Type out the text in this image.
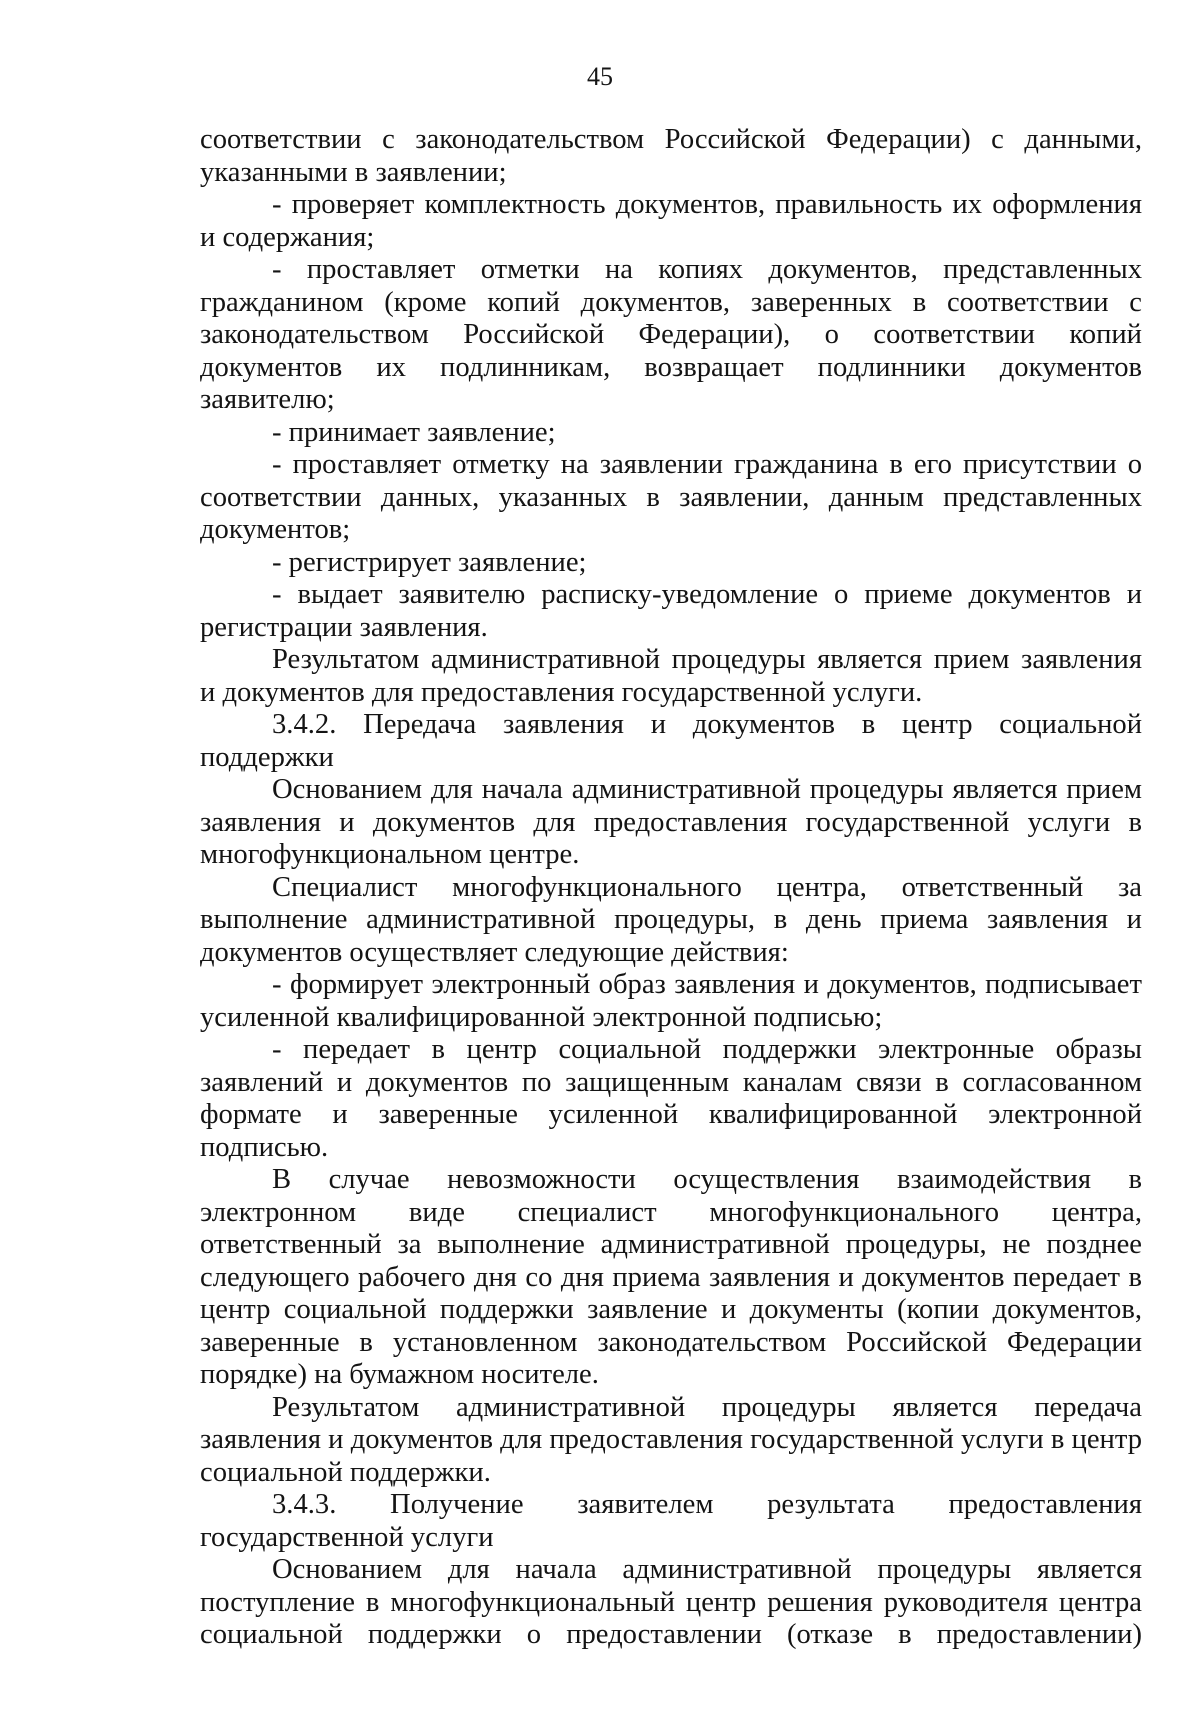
45

соответствии с законодательством Российской Федерации) с данными, указанными в заявлении;

- проверяет комплектность документов, правильность их оформления и содержания;

- проставляет отметки на копиях документов, представленных гражданином (кроме копий документов, заверенных в соответствии с законодательством Российской Федерации), о соответствии копий документов их подлинникам, возвращает подлинники документов заявителю;

- принимает заявление;

- проставляет отметку на заявлении гражданина в его присутствии о соответствии данных, указанных в заявлении, данным представленных документов;

- регистрирует заявление;

- выдает заявителю расписку-уведомление о приеме документов и регистрации заявления.

Результатом административной процедуры является прием заявления и документов для предоставления государственной услуги.

3.4.2. Передача заявления и документов в центр социальной поддержки

Основанием для начала административной процедуры является прием заявления и документов для предоставления государственной услуги в многофункциональном центре.

Специалист многофункционального центра, ответственный за выполнение административной процедуры, в день приема заявления и документов осуществляет следующие действия:

- формирует электронный образ заявления и документов, подписывает усиленной квалифицированной электронной подписью;

- передает в центр социальной поддержки электронные образы заявлений и документов по защищенным каналам связи в согласованном формате и заверенные усиленной квалифицированной электронной подписью.

В случае невозможности осуществления взаимодействия в электронном виде специалист многофункционального центра, ответственный за выполнение административной процедуры, не позднее следующего рабочего дня со дня приема заявления и документов передает в центр социальной поддержки заявление и документы (копии документов, заверенные в установленном законодательством Российской Федерации порядке) на бумажном носителе.

Результатом административной процедуры является передача заявления и документов для предоставления государственной услуги в центр социальной поддержки.

3.4.3. Получение заявителем результата предоставления государственной услуги

Основанием для начала административной процедуры является поступление в многофункциональный центр решения руководителя центра социальной поддержки о предоставлении (отказе в предоставлении)
